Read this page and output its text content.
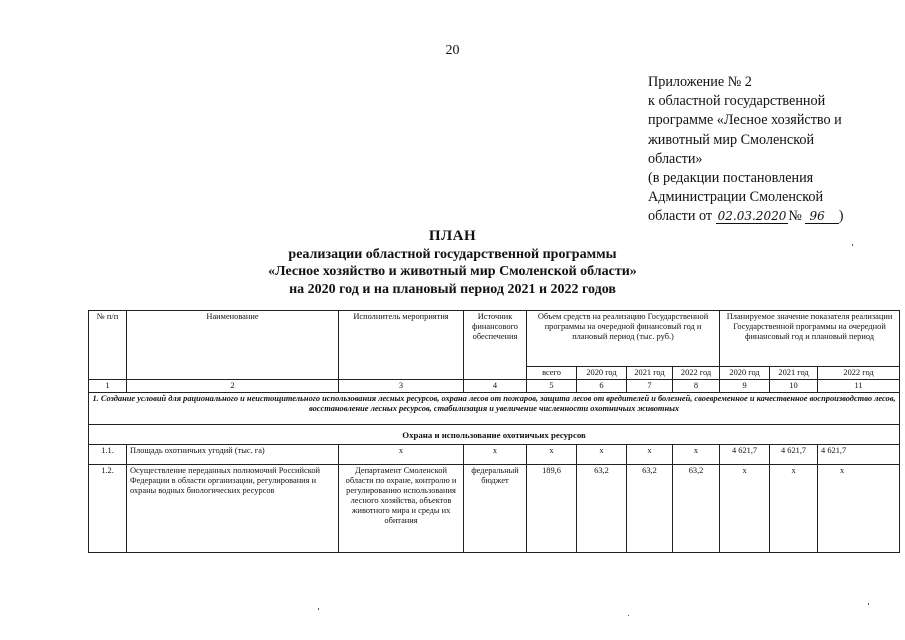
20
Приложение № 2
к областной государственной
программе «Лесное хозяйство и
животный мир Смоленской
области»
(в редакции постановления
Администрации Смоленской
области от 02.03.2020 № 96 )
ПЛАН
реализации областной государственной программы
«Лесное хозяйство и животный мир Смоленской области»
на 2020 год и на плановый период 2021 и 2022 годов
№ п/п	Наименование	Исполнитель мероприятия	Источник финансового обеспечения	Объем средств на реализацию Государственной программы на очередной финансовый год и плановый период (тыс. руб.)				Планируемое значение показателя реализации Государственной программы на очередной финансовый год и плановый период		
				всего	2020 год	2021 год	2022 год	2020 год	2021 год	2022 год
1	2	3	4	5	6	7	8	9	10	11
1. Создание условий для рационального и неистощительного использования лесных ресурсов, охрана лесов от пожаров, защита лесов от вредителей и болезней, своевременное и качественное воспроизводство лесов, восстановление лесных ресурсов, стабилизация и увеличение численности охотничьих животных										
Охрана и использование охотничьих ресурсов										
1.1.	Площадь охотничьих угодий (тыс. га)	х	х	х	х	х	х	4 621,7	4 621,7	4 621,7
1.2.	Осуществление переданных полномочий Российской Федерации в области организации, регулирования и охраны водных биологических ресурсов	Департамент Смоленской области по охране, контролю и регулированию использования лесного хозяйства, объектов животного мира и среды их обитания	федеральный бюджет	189,6	63,2	63,2	63,2	х	х	х
